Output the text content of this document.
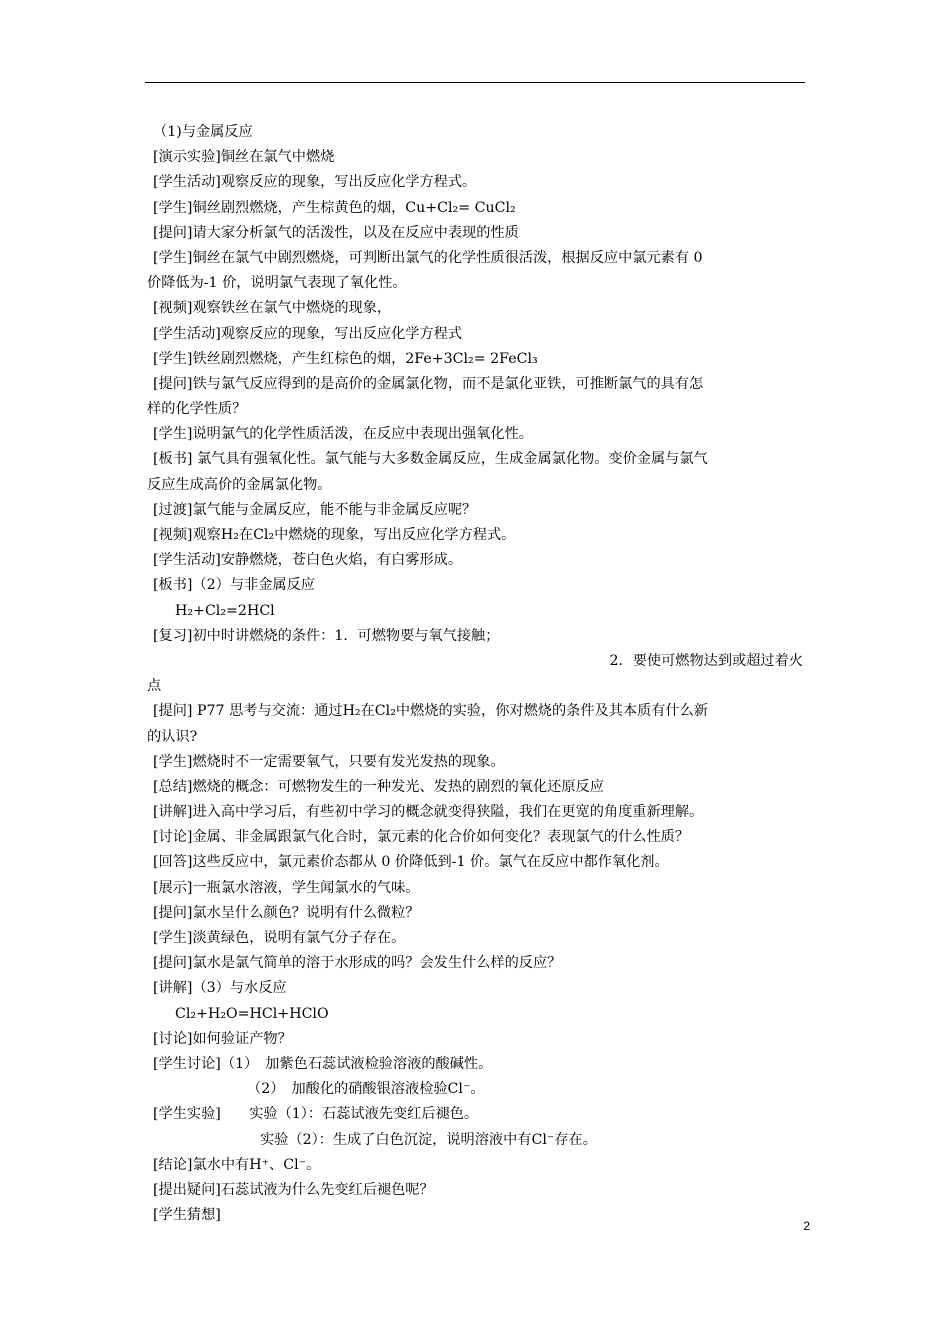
（1)与金属反应
[演示实验]铜丝在氯气中燃烧
[学生活动]观察反应的现象，写出反应化学方程式。
[学生]铜丝剧烈燃烧，产生棕黄色的烟，Cu+Cl₂= CuCl₂
[提问]请大家分析氯气的活泼性，以及在反应中表现的性质
[学生]铜丝在氯气中剧烈燃烧，可判断出氯气的化学性质很活泼，根据反应中氯元素有 0
价降低为-1 价，说明氯气表现了氧化性。
[视频]观察铁丝在氯气中燃烧的现象，
[学生活动]观察反应的现象，写出反应化学方程式
[学生]铁丝剧烈燃烧，产生红棕色的烟，2Fe+3Cl₂= 2FeCl₃
[提问]铁与氯气反应得到的是高价的金属氯化物，而不是氯化亚铁，可推断氯气的具有怎
样的化学性质？
[学生]说明氯气的化学性质活泼，在反应中表现出强氧化性。
[板书] 氯气具有强氧化性。氯气能与大多数金属反应，生成金属氯化物。变价金属与氯气
反应生成高价的金属氯化物。
[过渡]氯气能与金属反应，能不能与非金属反应呢？
[视频]观察H₂在Cl₂中燃烧的现象，写出反应化学方程式。
[学生活动]安静燃烧，苍白色火焰，有白雾形成。
[板书]（2）与非金属反应
H₂+Cl₂=2HCl
[复习]初中时讲燃烧的条件：1．可燃物要与氧气接触；
2．要使可燃物达到或超过着火
点
[提问] P77 思考与交流：通过H₂在Cl₂中燃烧的实验，你对燃烧的条件及其本质有什么新
的认识?
[学生]燃烧时不一定需要氧气，只要有发光发热的现象。
[总结]燃烧的概念：可燃物发生的一种发光、发热的剧烈的氧化还原反应
[讲解]进入高中学习后，有些初中学习的概念就变得狭隘，我们在更宽的角度重新理解。
[讨论]金属、非金属跟氯气化合时，氯元素的化合价如何变化？表现氯气的什么性质？
[回答]这些反应中，氯元素价态都从 0 价降低到-1 价。氯气在反应中都作氧化剂。
[展示]一瓶氯水溶液，学生闻氯水的气味。
[提问]氯水呈什么颜色？说明有什么微粒？
[学生]淡黄绿色，说明有氯气分子存在。
[提问]氯水是氯气简单的溶于水形成的吗？会发生什么样的反应？
[讲解]（3）与水反应
Cl₂+H₂O=HCl+HClO
[讨论]如何验证产物？
[学生讨论]（1）　加紫色石蕊试液检验溶液的酸碱性。
（2）　加酸化的硝酸银溶液检验Cl⁻。
[学生实验]　　实验（1）：石蕊试液先变红后褪色。
实验（2）：生成了白色沉淀，说明溶液中有Cl⁻存在。
[结论]氯水中有H⁺、Cl⁻。
[提出疑问]石蕊试液为什么先变红后褪色呢？
[学生猜想]
2
